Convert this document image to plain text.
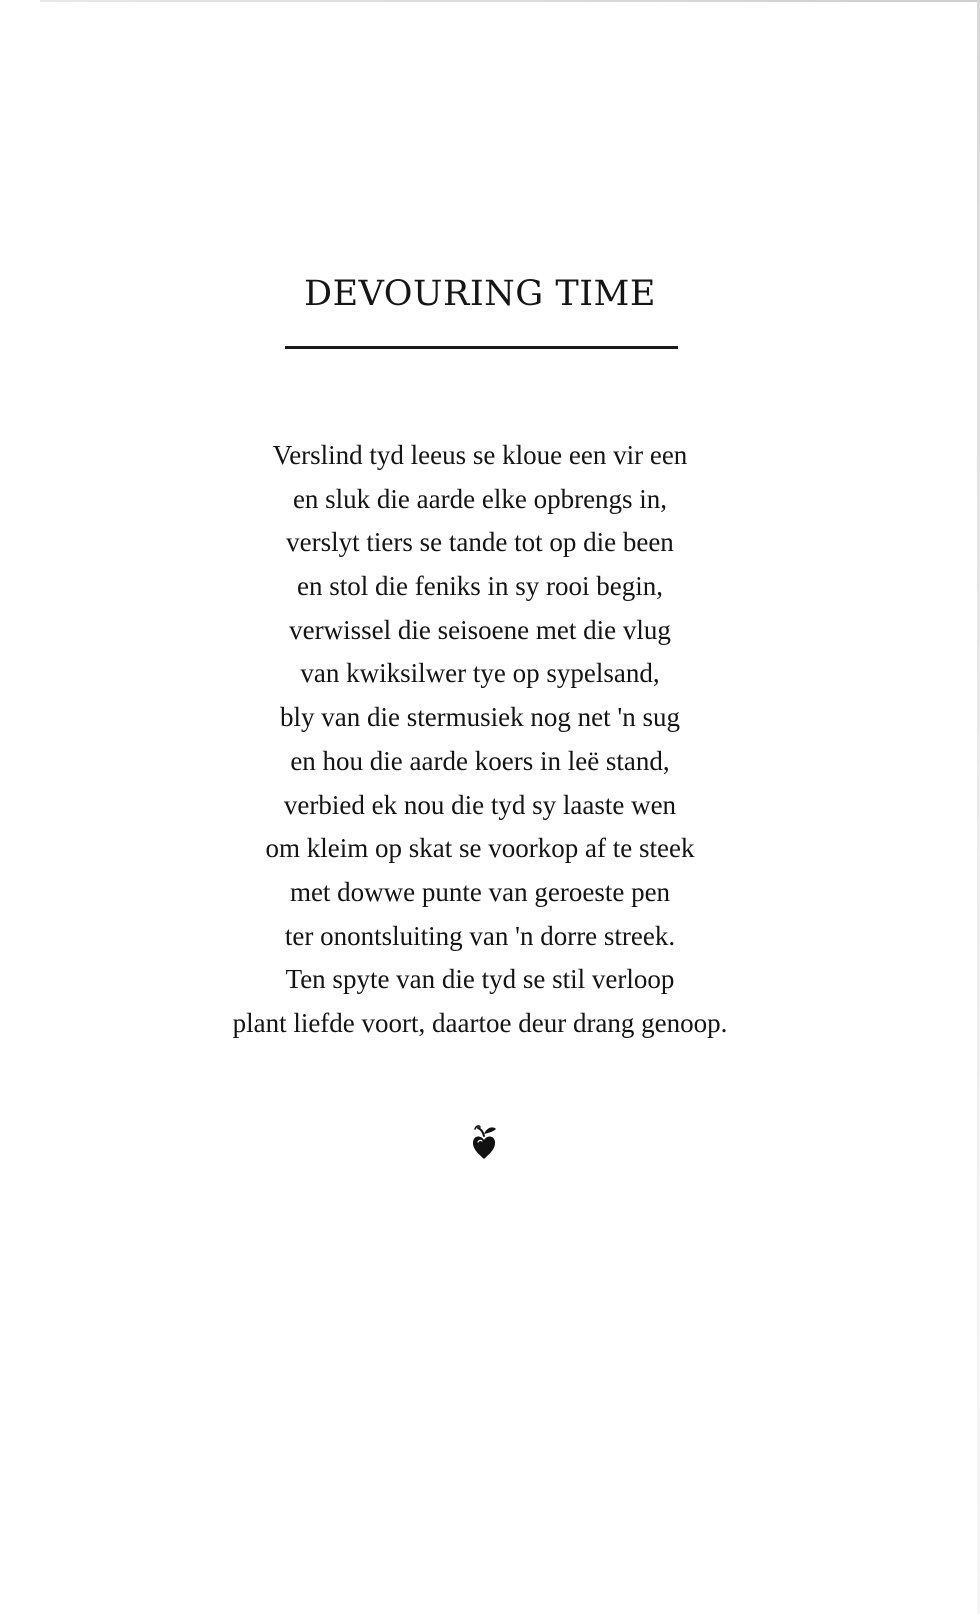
DEVOURING TIME
Verslind tyd leeus se kloue een vir een
en sluk die aarde elke opbrengs in,
verslyt tiers se tande tot op die been
en stol die feniks in sy rooi begin,
verwissel die seisoene met die vlug
van kwiksilwer tye op sypelsand,
bly van die stermusiek nog net 'n sug
en hou die aarde koers in leë stand,
verbied ek nou die tyd sy laaste wen
om kleim op skat se voorkop af te steek
met dowwe punte van geroeste pen
ter onontsluiting van 'n dorre streek.
Ten spyte van die tyd se stil verloop
plant liefde voort, daartoe deur drang genoop.
